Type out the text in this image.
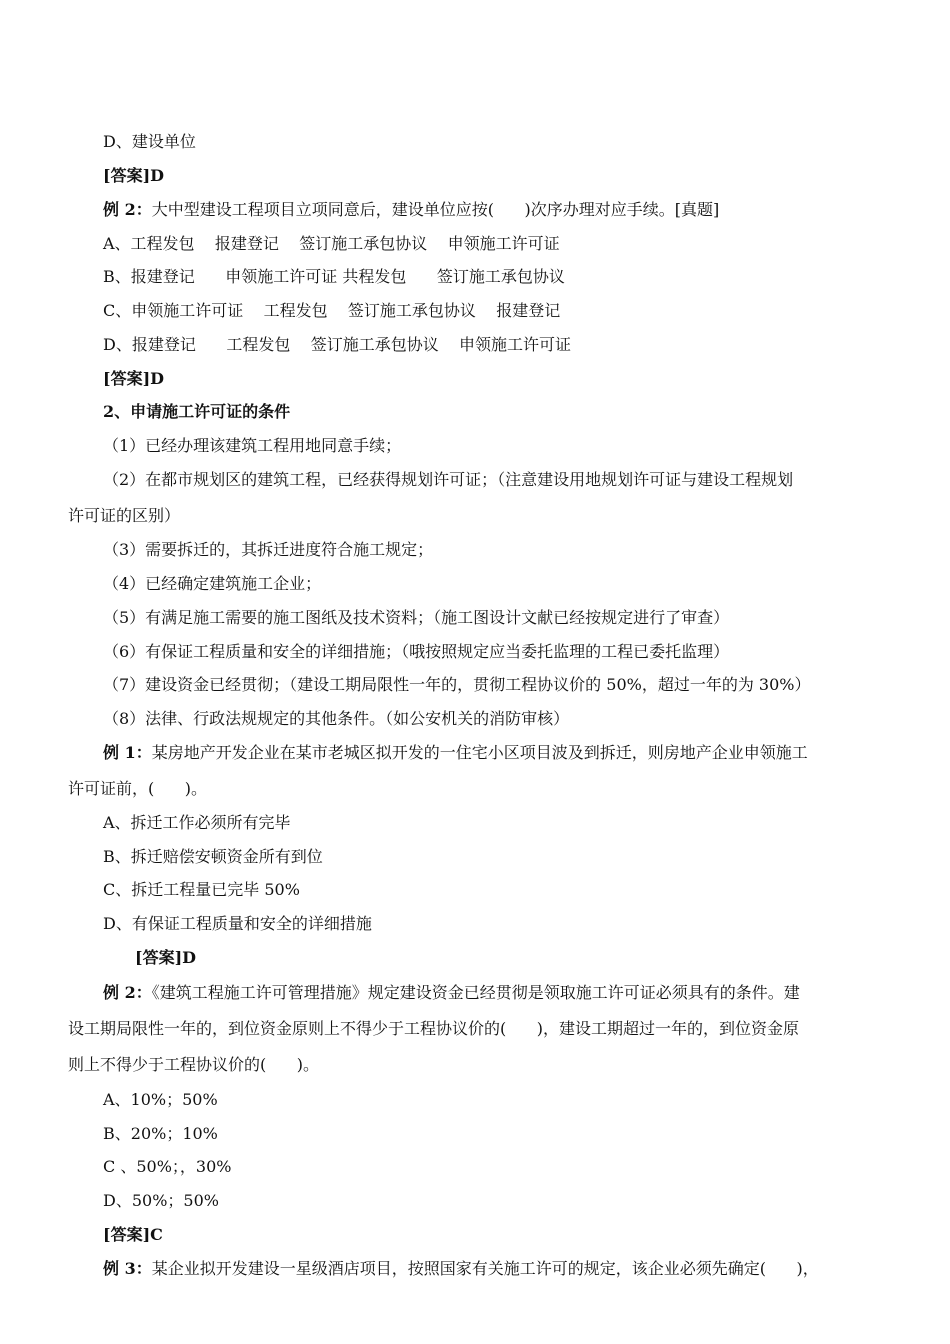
D、建设单位
[答案]D
例 2：大中型建设工程项目立项同意后，建设单位应按(      )次序办理对应手续。[真题]
A、工程发包    报建登记    签订施工承包协议    申领施工许可证
B、报建登记      申领施工许可证 共程发包      签订施工承包协议
C、申领施工许可证    工程发包    签订施工承包协议    报建登记
D、报建登记      工程发包    签订施工承包协议    申领施工许可证
[答案]D
2、申请施工许可证的条件
（1）已经办理该建筑工程用地同意手续；
（2）在都市规划区的建筑工程，已经获得规划许可证；（注意建设用地规划许可证与建设工程规划
许可证的区别）
（3）需要拆迁的，其拆迁进度符合施工规定；
（4）已经确定建筑施工企业；
（5）有满足施工需要的施工图纸及技术资料；（施工图设计文献已经按规定进行了审查）
（6）有保证工程质量和安全的详细措施；（哦按照规定应当委托监理的工程已委托监理）
（7）建设资金已经贯彻；（建设工期局限性一年的，贯彻工程协议价的 50%，超过一年的为 30%）
（8）法律、行政法规规定的其他条件。（如公安机关的消防审核）
例 1：某房地产开发企业在某市老城区拟开发的一住宅小区项目波及到拆迁，则房地产企业申领施工
许可证前，(      )。
A、拆迁工作必须所有完毕
B、拆迁赔偿安顿资金所有到位
C、拆迁工程量已完毕 50%
D、有保证工程质量和安全的详细措施
[答案]D
例 2：《建筑工程施工许可管理措施》规定建设资金已经贯彻是领取施工许可证必须具有的条件。建
设工期局限性一年的，到位资金原则上不得少于工程协议价的(      )，建设工期超过一年的，到位资金原
则上不得少于工程协议价的(      )。
A、10%；50%
B、20%；10%
C 、50%；，30%
D、50%；50%
[答案]C
例 3：某企业拟开发建设一星级酒店项目，按照国家有关施工许可的规定，该企业必须先确定(      )，
